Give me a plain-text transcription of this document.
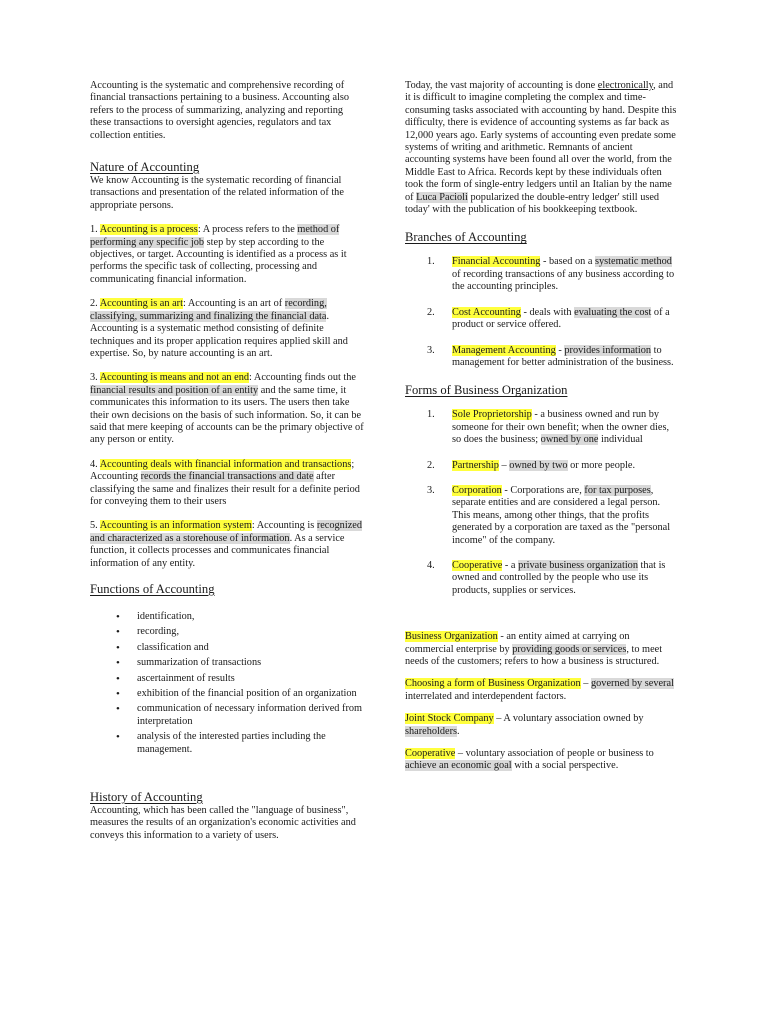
Accounting is the systematic and comprehensive recording of financial transactions pertaining to a business. Accounting also refers to the process of summarizing, analyzing and reporting these transactions to oversight agencies, regulators and tax collection entities.

Nature of Accounting

We know Accounting is the systematic recording of financial transactions and presentation of the related information of the appropriate persons.

1. Accounting is a process: A process refers to the method of performing any specific job step by step according to the objectives, or target. Accounting is identified as a process as it performs the specific task of collecting, processing and communicating financial information.

2. Accounting is an art: Accounting is an art of recording, classifying, summarizing and finalizing the financial data. Accounting is a systematic method consisting of definite techniques and its proper application requires applied skill and expertise. So, by nature accounting is an art.

3. Accounting is means and not an end: Accounting finds out the financial results and position of an entity and the same time, it communicates this information to its users. The users then take their own decisions on the basis of such information. So, it can be said that mere keeping of accounts can be the primary objective of any person or entity.

4. Accounting deals with financial information and transactions; Accounting records the financial transactions and date after classifying the same and finalizes their result for a definite period for conveying them to their users

5. Accounting is an information system: Accounting is recognized and characterized as a storehouse of information. As a service function, it collects processes and communicates financial information of any entity.

Functions of Accounting

• identification,
• recording,
• classification and
• summarization of transactions
• ascertainment of results
• exhibition of the financial position of an organization
• communication of necessary information derived from interpretation
• analysis of the interested parties including the management.

History of Accounting

Accounting, which has been called the "language of business", measures the results of an organization's economic activities and conveys this information to a variety of users.

Today, the vast majority of accounting is done electronically, and it is difficult to imagine completing the complex and time-consuming tasks associated with accounting by hand. Despite this difficulty, there is evidence of accounting systems as far back as 12,000 years ago. Early systems of accounting even predate some systems of writing and arithmetic. Remnants of ancient accounting systems have been found all over the world, from the Middle East to Africa. Records kept by these individuals often took the form of single-entry ledgers until an Italian by the name of Luca Pacioli popularized the double-entry ledger' still used today' with the publication of his bookkeeping textbook.

Branches of Accounting

1. Financial Accounting - based on a systematic method of recording transactions of any business according to the accounting principles.
2. Cost Accounting - deals with evaluating the cost of a product or service offered.
3. Management Accounting - provides information to management for better administration of the business.

Forms of Business Organization

1. Sole Proprietorship - a business owned and run by someone for their own benefit; when the owner dies, so does the business; owned by one individual
2. Partnership – owned by two or more people.
3. Corporation - Corporations are, for tax purposes, separate entities and are considered a legal person. This means, among other things, that the profits generated by a corporation are taxed as the "personal income" of the company.
4. Cooperative - a private business organization that is owned and controlled by the people who use its products, supplies or services.

Business Organization - an entity aimed at carrying on commercial enterprise by providing goods or services, to meet needs of the customers; refers to how a business is structured.

Choosing a form of Business Organization – governed by several interrelated and interdependent factors.

Joint Stock Company – A voluntary association owned by shareholders.

Cooperative – voluntary association of people or business to achieve an economic goal with a social perspective.
